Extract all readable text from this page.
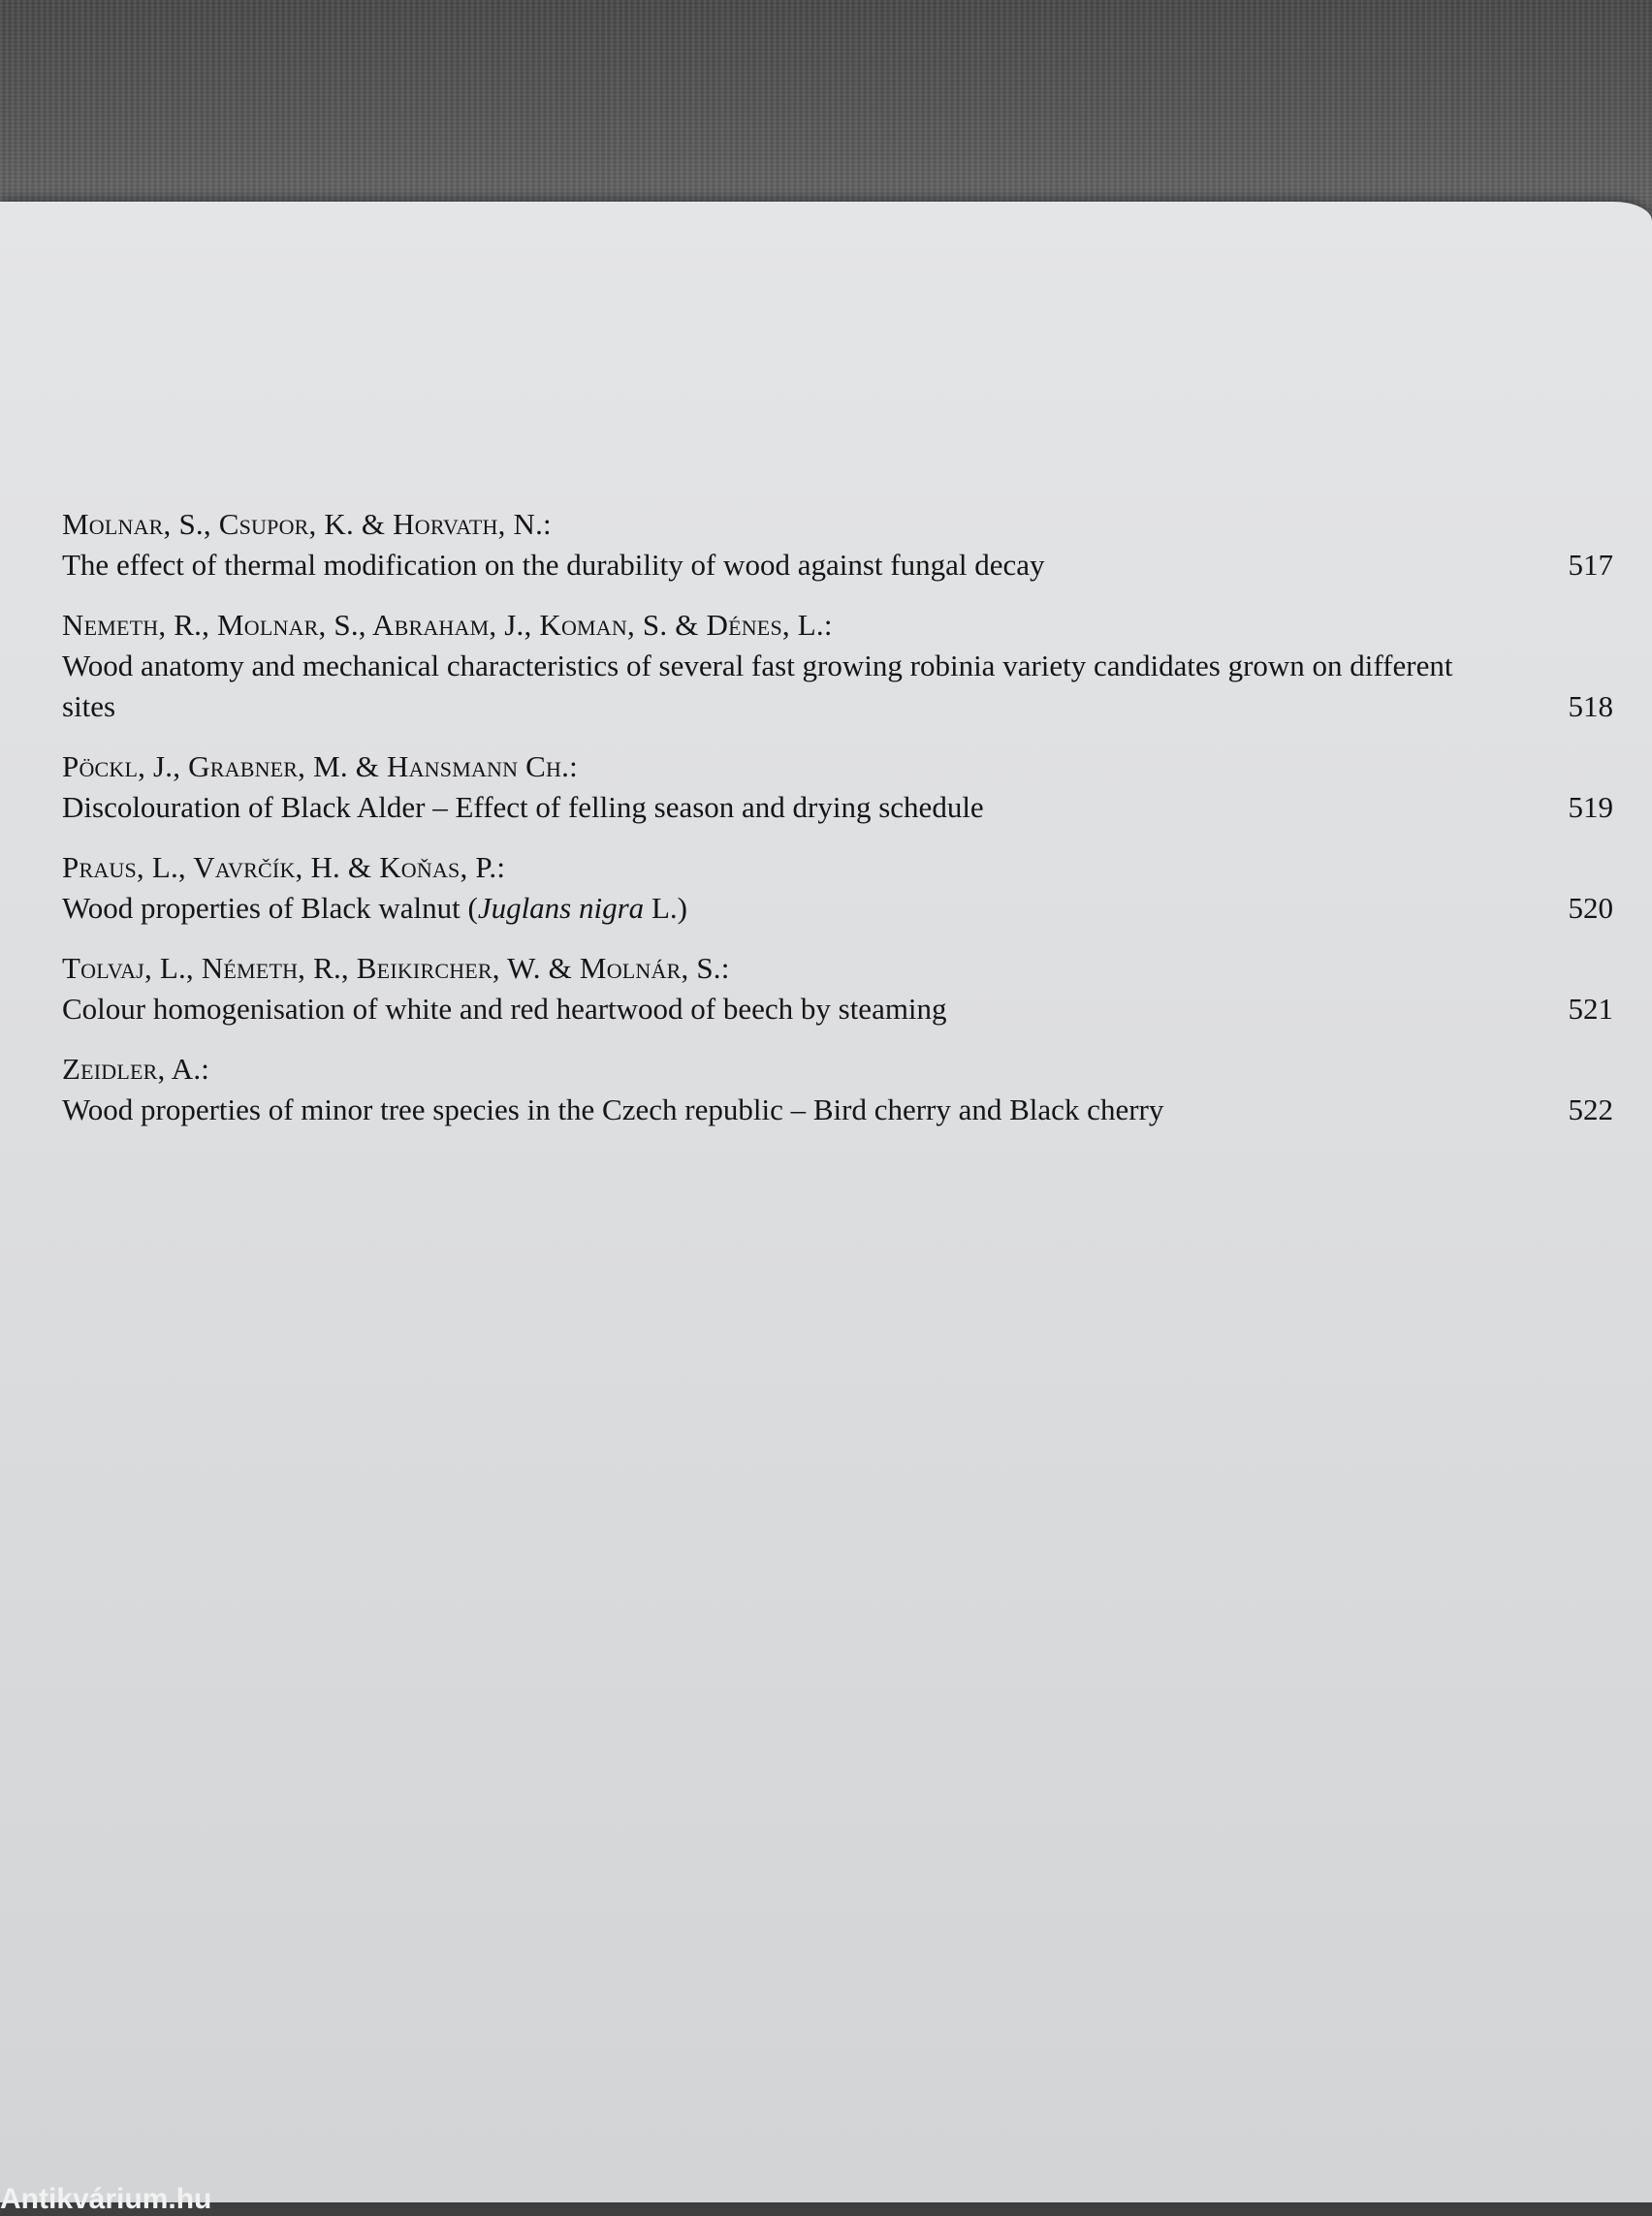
Molnar, S., Csupor, K. & Horvath, N.:
The effect of thermal modification on the durability of wood against fungal decay	517
Nemeth, R., Molnar, S., Abraham, J., Koman, S. & Dénes, L.:
Wood anatomy and mechanical characteristics of several fast growing robinia variety candidates grown on different sites	518
Pöckl, J., Grabner, M. & Hansmann Ch.:
Discolouration of Black Alder – Effect of felling season and drying schedule	519
Praus, L., Vavrčík, H. & Koňas, P.:
Wood properties of Black walnut (Juglans nigra L.)	520
Tolvaj, L., Németh, R., Beikircher, W. & Molnár, S.:
Colour homogenisation of white and red heartwood of beech by steaming	521
Zeidler, A.:
Wood properties of minor tree species in the Czech republic – Bird cherry and Black cherry	522
Antikvárium.hu
